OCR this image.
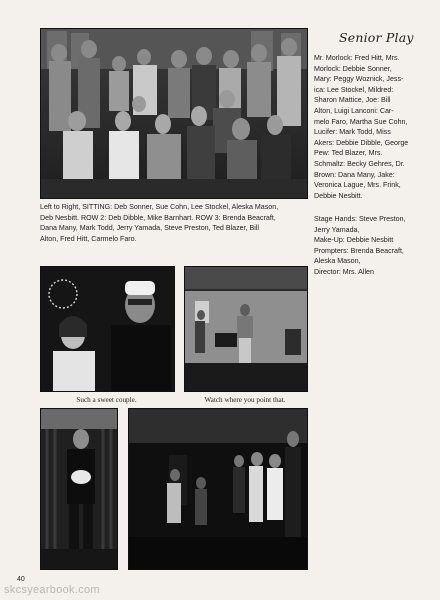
Left to Right, SITTING: Deb Sonner, Sue Cohn, Lee Stockel, Aleska Mason,
Deb Nesbitt. ROW 2: Deb Dibble, Mike Barnhart. ROW 3: Brenda Beacraft,
Dana Many, Mark Todd, Jerry Yamada, Steve Preston, Ted Blazer, Bill
Alton, Fred Hitt, Carmelo Faro.
Senior Play
Mr. Morlock: Fred Hitt, Mrs.
Morlock: Debbie Sonner,
Mary: Peggy Woznick, Jess-
ica: Lee Stockel, Mildred:
Sharon Mattice, Joe: Bill
Alton, Luigi Lanconi: Car-
melo Faro, Martha Sue Cohn,
Lucifer: Mark Todd, Miss
Akers: Debbie Dibble, George
Pew: Ted Blazer, Mrs.
Schmaltz: Becky Gehres, Dr.
Brown: Dana Many, Jake:
Veronica Lague, Mrs. Frink,
Debbie Nesbitt.
Stage Hands: Steve Preston,
Jerry Yamada,
Make-Up: Debbie Nesbitt
Prompters: Brenda Beacraft,
Aleska Mason,
Director: Mrs. Allen
Such a sweet couple.	Watch where you point that.
40
skcsyearbook.com
